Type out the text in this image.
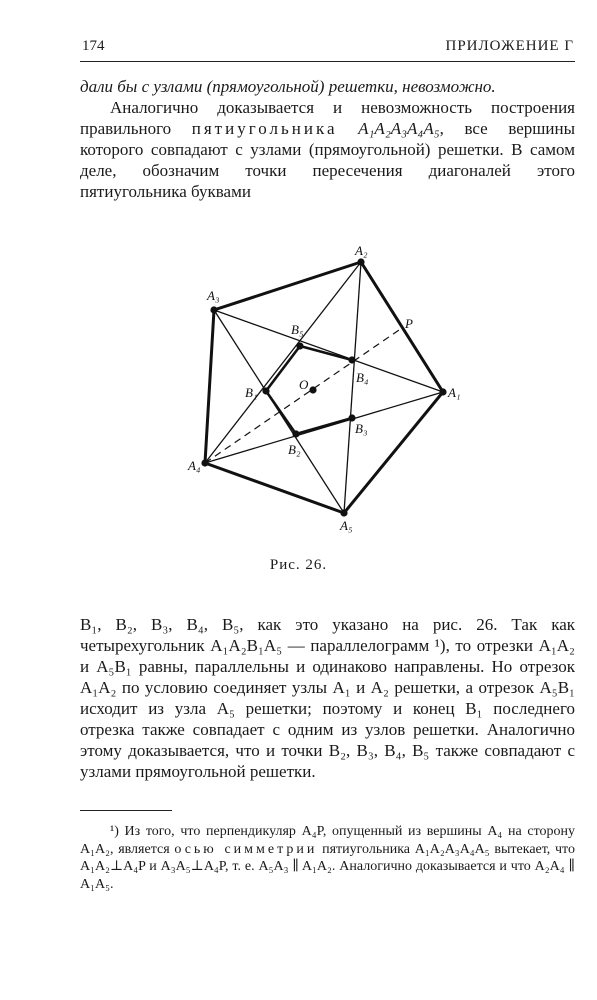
174	ПРИЛОЖЕНИЕ Г

дали бы с узлами (прямоугольной) решетки, невозможно.

Аналогично доказывается и невозможность построения правильного пятиугольника A₁A₂A₃A₄A₅, все вершины которого совпадают с узлами (прямоугольной) решетки. В самом деле, обозначим точки пересечения диагоналей этого пятиугольника буквами

A₁
A₂
A₃
A₄
A₅
B₁
B₂
B₃
B₄
B₅
O
P
Рис. 26.

B₁, B₂, B₃, B₄, B₅, как это указано на рис. 26. Так как четырехугольник A₁A₂B₁A₅ — параллелограмм ¹), то отрезки A₁A₂ и A₅B₁ равны, параллельны и одинаково направлены. Но отрезок A₁A₂ по условию соединяет узлы A₁ и A₂ решетки, а отрезок A₅B₁ исходит из узла A₅ решетки; поэтому и конец B₁ последнего отрезка также совпадает с одним из узлов решетки. Аналогично этому доказывается, что и точки B₂, B₃, B₄, B₅ также совпадают с узлами прямоугольной решетки.

¹) Из того, что перпендикуляр A₄P, опущенный из вершины A₄ на сторону A₁A₂, является осью симметрии пятиугольника A₁A₂A₃A₄A₅ вытекает, что A₁A₂⊥A₄P и A₃A₅⊥A₄P, т. е. A₅A₃ ∥ A₁A₂. Аналогично доказывается и что A₂A₄ ∥ A₁A₅.
